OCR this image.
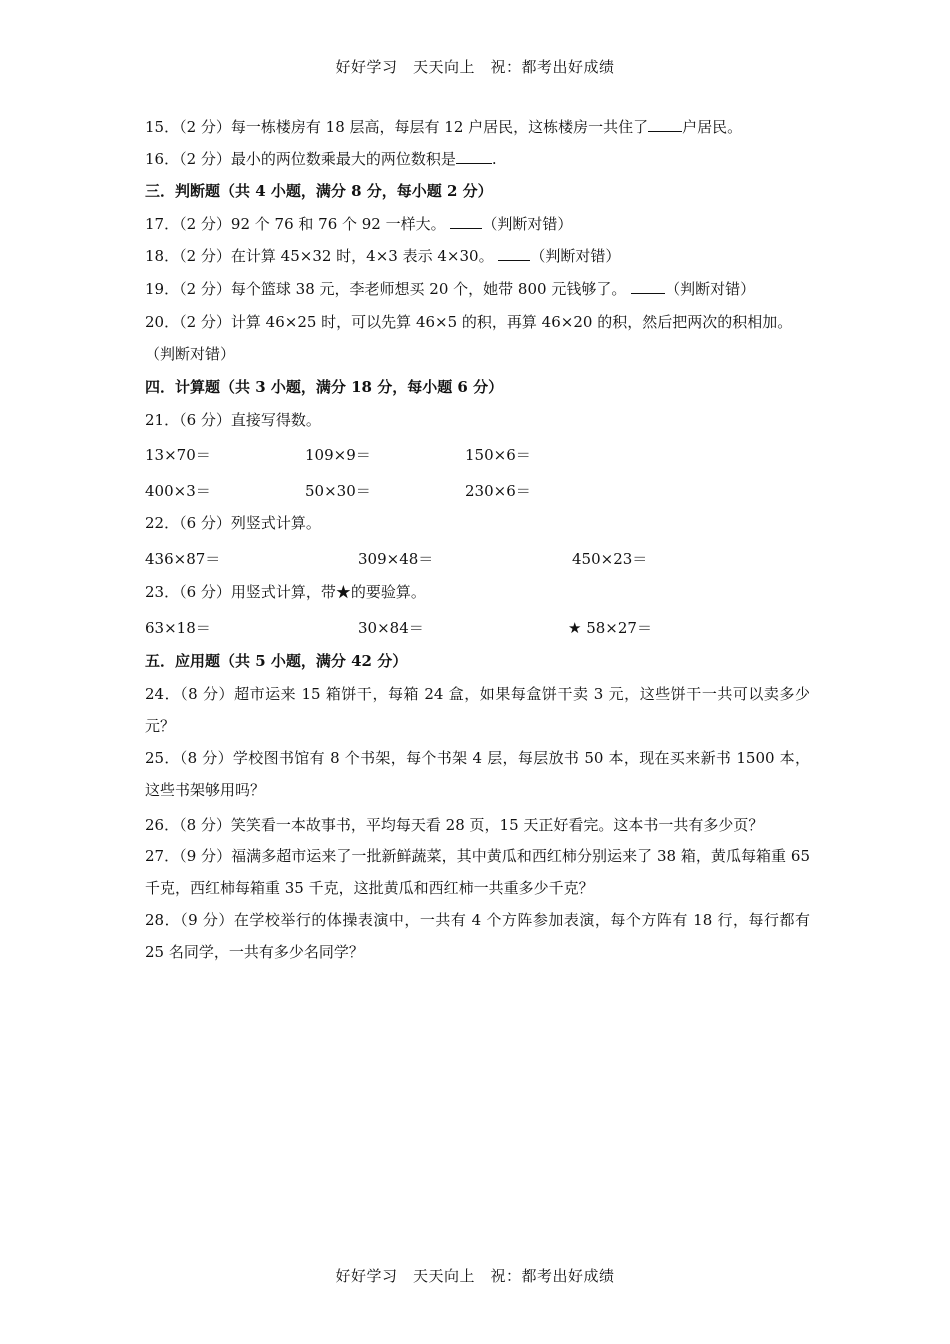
好好学习　天天向上　祝：都考出好成绩
15．（2 分）每一栋楼房有 18 层高，每层有 12 户居民，这栋楼房一共住了 户居民。
16．（2 分）最小的两位数乘最大的两位数积是 .
三．判断题（共 4 小题，满分 8 分，每小题 2 分）
17．（2 分）92 个 76 和 76 个 92 一样大。 （判断对错）
18．（2 分）在计算 45×32 时，4×3 表示 4×30。 （判断对错）
19．（2 分）每个篮球 38 元，李老师想买 20 个，她带 800 元钱够了。	（判断对错）
20．（2 分）计算 46×25 时，可以先算 46×5 的积，再算 46×20 的积，然后把两次的积相加。
（判断对错）
四．计算题（共 3 小题，满分 18 分，每小题 6 分）
21．（6 分）直接写得数。
13×70＝	109×9＝	150×6＝
400×3＝	50×30＝	230×6＝
22．（6 分）列竖式计算。
436×87＝	309×48＝	450×23＝
23．（6 分）用竖式计算，带★的要验算。
63×18＝	30×84＝	★ 58×27＝
五．应用题（共 5 小题，满分 42 分）
24．（8 分）超市运来 15 箱饼干，每箱 24 盒，如果每盒饼干卖 3 元，这些饼干一共可以卖多少元？
25．（8 分）学校图书馆有 8 个书架，每个书架 4 层，每层放书 50 本，现在买来新书 1500 本，这些书架够用吗？
26．（8 分）笑笑看一本故事书，平均每天看 28 页，15 天正好看完。这本书一共有多少页？
27．（9 分）福满多超市运来了一批新鲜蔬菜，其中黄瓜和西红柿分别运来了 38 箱，黄瓜每箱重 65 千克，西红柿每箱重 35 千克，这批黄瓜和西红柿一共重多少千克？
28．（9 分）在学校举行的体操表演中，一共有 4 个方阵参加表演，每个方阵有 18 行，每行都有 25 名同学，一共有多少名同学？
好好学习　天天向上　祝：都考出好成绩
